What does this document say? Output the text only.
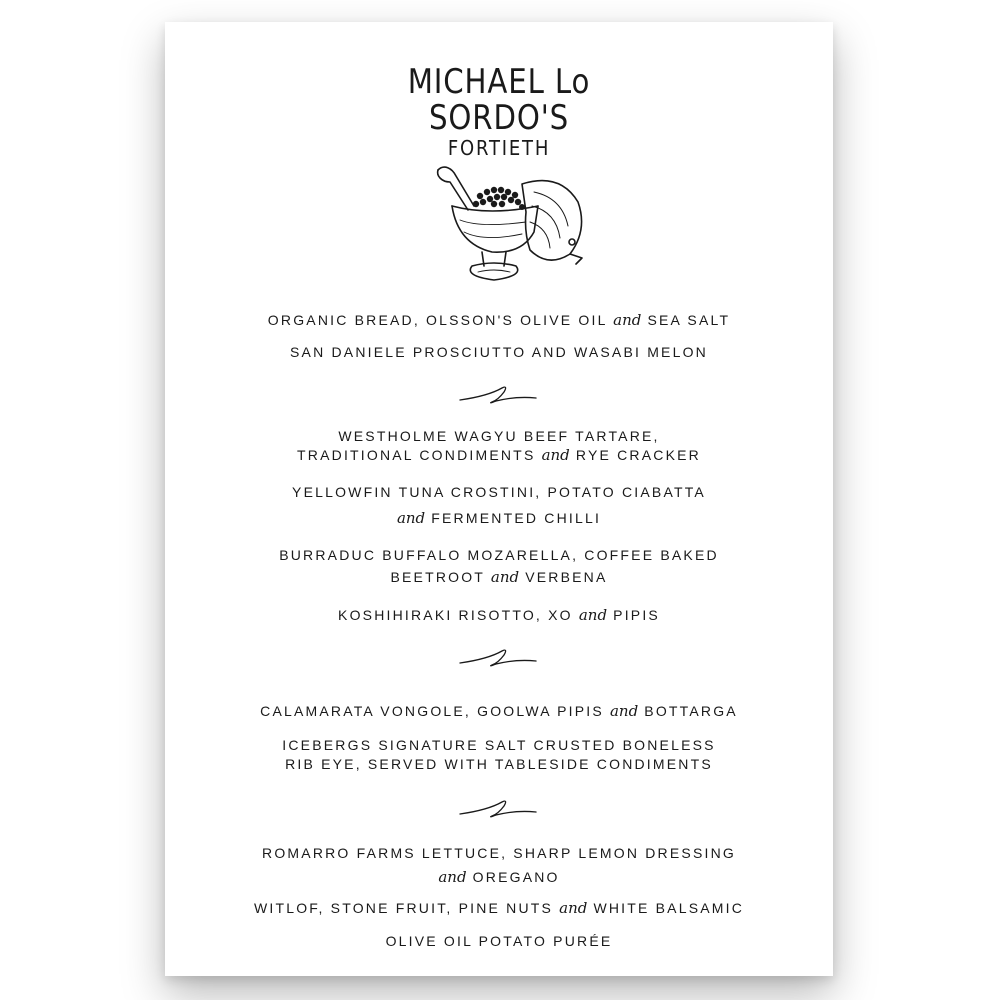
MICHAEL Lo
SORDO'S
FORTIETH
ORGANIC BREAD, OLSSON'S OLIVE OIL and SEA SALT
SAN DANIELE PROSCIUTTO AND WASABI MELON
WESTHOLME WAGYU BEEF TARTARE,
TRADITIONAL CONDIMENTS and RYE CRACKER
YELLOWFIN TUNA CROSTINI, POTATO CIABATTA
and FERMENTED CHILLI
BURRADUC BUFFALO MOZARELLA, COFFEE BAKED
BEETROOT and VERBENA
KOSHIHIRAKI RISOTTO, XO and PIPIS
CALAMARATA VONGOLE, GOOLWA PIPIS and BOTTARGA
ICEBERGS SIGNATURE SALT CRUSTED BONELESS
RIB EYE, SERVED WITH TABLESIDE CONDIMENTS
ROMARRO FARMS LETTUCE, SHARP LEMON DRESSING
and OREGANO
WITLOF, STONE FRUIT, PINE NUTS and WHITE BALSAMIC
OLIVE OIL POTATO PURÉE
